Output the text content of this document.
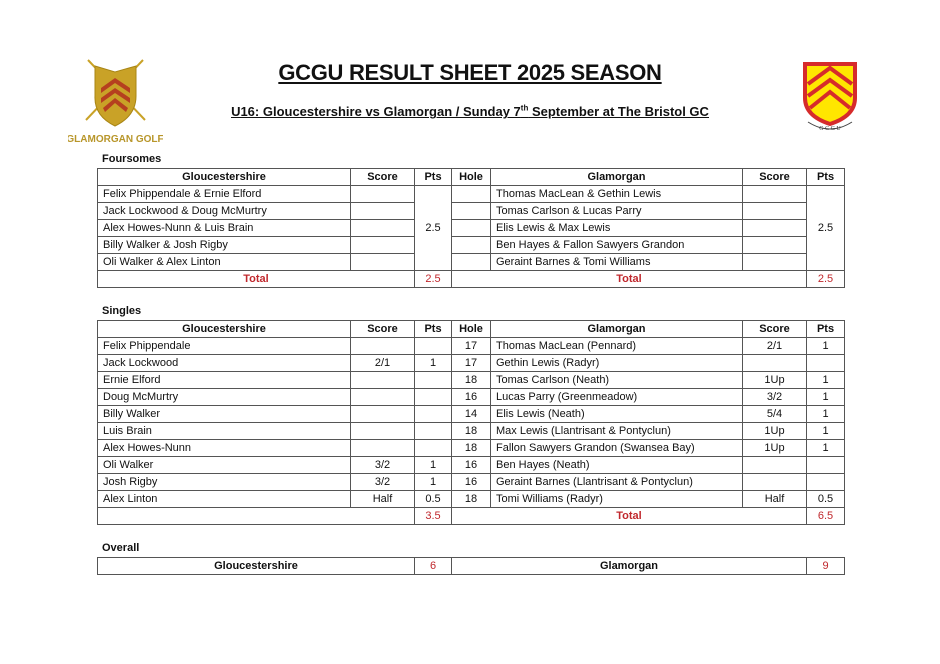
GLAMORGAN GOLF
G C G U
GCGU RESULT SHEET 2025 SEASON
U16: Gloucestershire vs Glamorgan / Sunday 7th September at The Bristol GC
Foursomes
Gloucestershire	Score	Pts	Hole	Glamorgan	Score	Pts
Felix Phippendale & Ernie Elford		2.5		Thomas MacLean & Gethin Lewis		2.5
Jack Lockwood & Doug McMurtry				Tomas Carlson & Lucas Parry		
Alex Howes-Nunn & Luis Brain				Elis Lewis & Max Lewis		
Billy Walker & Josh Rigby				Ben Hayes & Fallon Sawyers Grandon		
Oli Walker & Alex Linton				Geraint Barnes & Tomi Williams		
Total		2.5	Total			2.5
Singles
Gloucestershire	Score	Pts	Hole	Glamorgan	Score	Pts
Felix Phippendale			17	Thomas MacLean (Pennard)	2/1	1
Jack Lockwood	2/1	1	17	Gethin Lewis (Radyr)		
Ernie Elford			18	Tomas Carlson (Neath)	1Up	1
Doug McMurtry			16	Lucas Parry (Greenmeadow)	3/2	1
Billy Walker			14	Elis Lewis (Neath)	5/4	1
Luis Brain			18	Max Lewis (Llantrisant & Pontyclun)	1Up	1
Alex Howes-Nunn			18	Fallon Sawyers Grandon (Swansea Bay)	1Up	1
Oli Walker	3/2	1	16	Ben Hayes (Neath)		
Josh Rigby	3/2	1	16	Geraint Barnes (Llantrisant & Pontyclun)		
Alex Linton	Half	0.5	18	Tomi Williams (Radyr)	Half	0.5
		3.5	Total			6.5
Overall
Gloucestershire	6	Glamorgan	9
